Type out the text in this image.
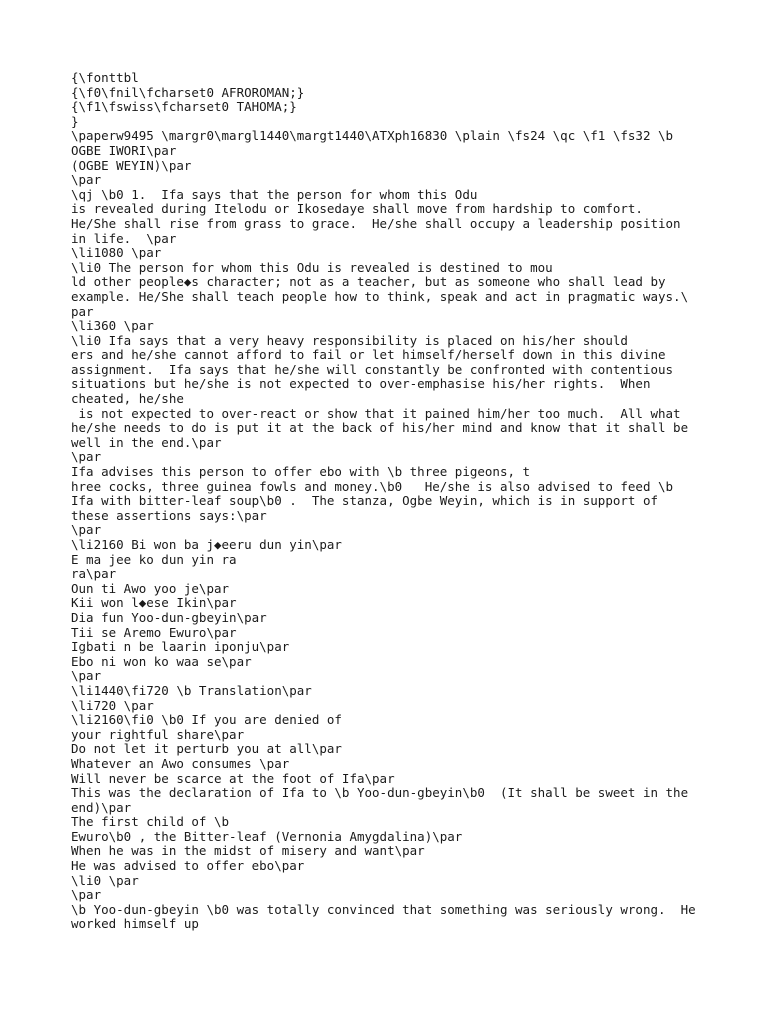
{\fonttbl
{\f0\fnil\fcharset0 AFROROMAN;}
{\f1\fswiss\fcharset0 TAHOMA;}
}
\paperw9495 \margr0\margl1440\margt1440\ATXph16830 \plain \fs24 \qc \f1 \fs32 \b
OGBE IWORI\par
(OGBE WEYIN)\par
\par
\qj \b0 1.  Ifa says that the person for whom this Odu
is revealed during Itelodu or Ikosedaye shall move from hardship to comfort.
He/She shall rise from grass to grace.  He/she shall occupy a leadership position
in life.  \par
\li1080 \par
\li0 The person for whom this Odu is revealed is destined to mou
ld other people◆s character; not as a teacher, but as someone who shall lead by
example. He/She shall teach people how to think, speak and act in pragmatic ways.\
par
\li360 \par
\li0 Ifa says that a very heavy responsibility is placed on his/her should
ers and he/she cannot afford to fail or let himself/herself down in this divine
assignment.  Ifa says that he/she will constantly be confronted with contentious
situations but he/she is not expected to over-emphasise his/her rights.  When
cheated, he/she
is not expected to over-react or show that it pained him/her too much.  All what
he/she needs to do is put it at the back of his/her mind and know that it shall be
well in the end.\par
\par
Ifa advises this person to offer ebo with \b three pigeons, t
hree cocks, three guinea fowls and money.\b0   He/she is also advised to feed \b
Ifa with bitter-leaf soup\b0 .  The stanza, Ogbe Weyin, which is in support of
these assertions says:\par
\par
\li2160 Bi won ba j◆eeru dun yin\par
E ma jee ko dun yin ra
ra\par
Oun ti Awo yoo je\par
Kii won l◆ese Ikin\par
Dia fun Yoo-dun-gbeyin\par
Tii se Aremo Ewuro\par
Igbati n be laarin iponju\par
Ebo ni won ko waa se\par
\par
\li1440\fi720 \b Translation\par
\li720 \par
\li2160\fi0 \b0 If you are denied of
your rightful share\par
Do not let it perturb you at all\par
Whatever an Awo consumes \par
Will never be scarce at the foot of Ifa\par
This was the declaration of Ifa to \b Yoo-dun-gbeyin\b0  (It shall be sweet in the
end)\par
The first child of \b
Ewuro\b0 , the Bitter-leaf (Vernonia Amygdalina)\par
When he was in the midst of misery and want\par
He was advised to offer ebo\par
\li0 \par
\par
\b Yoo-dun-gbeyin \b0 was totally convinced that something was seriously wrong.  He
worked himself up
